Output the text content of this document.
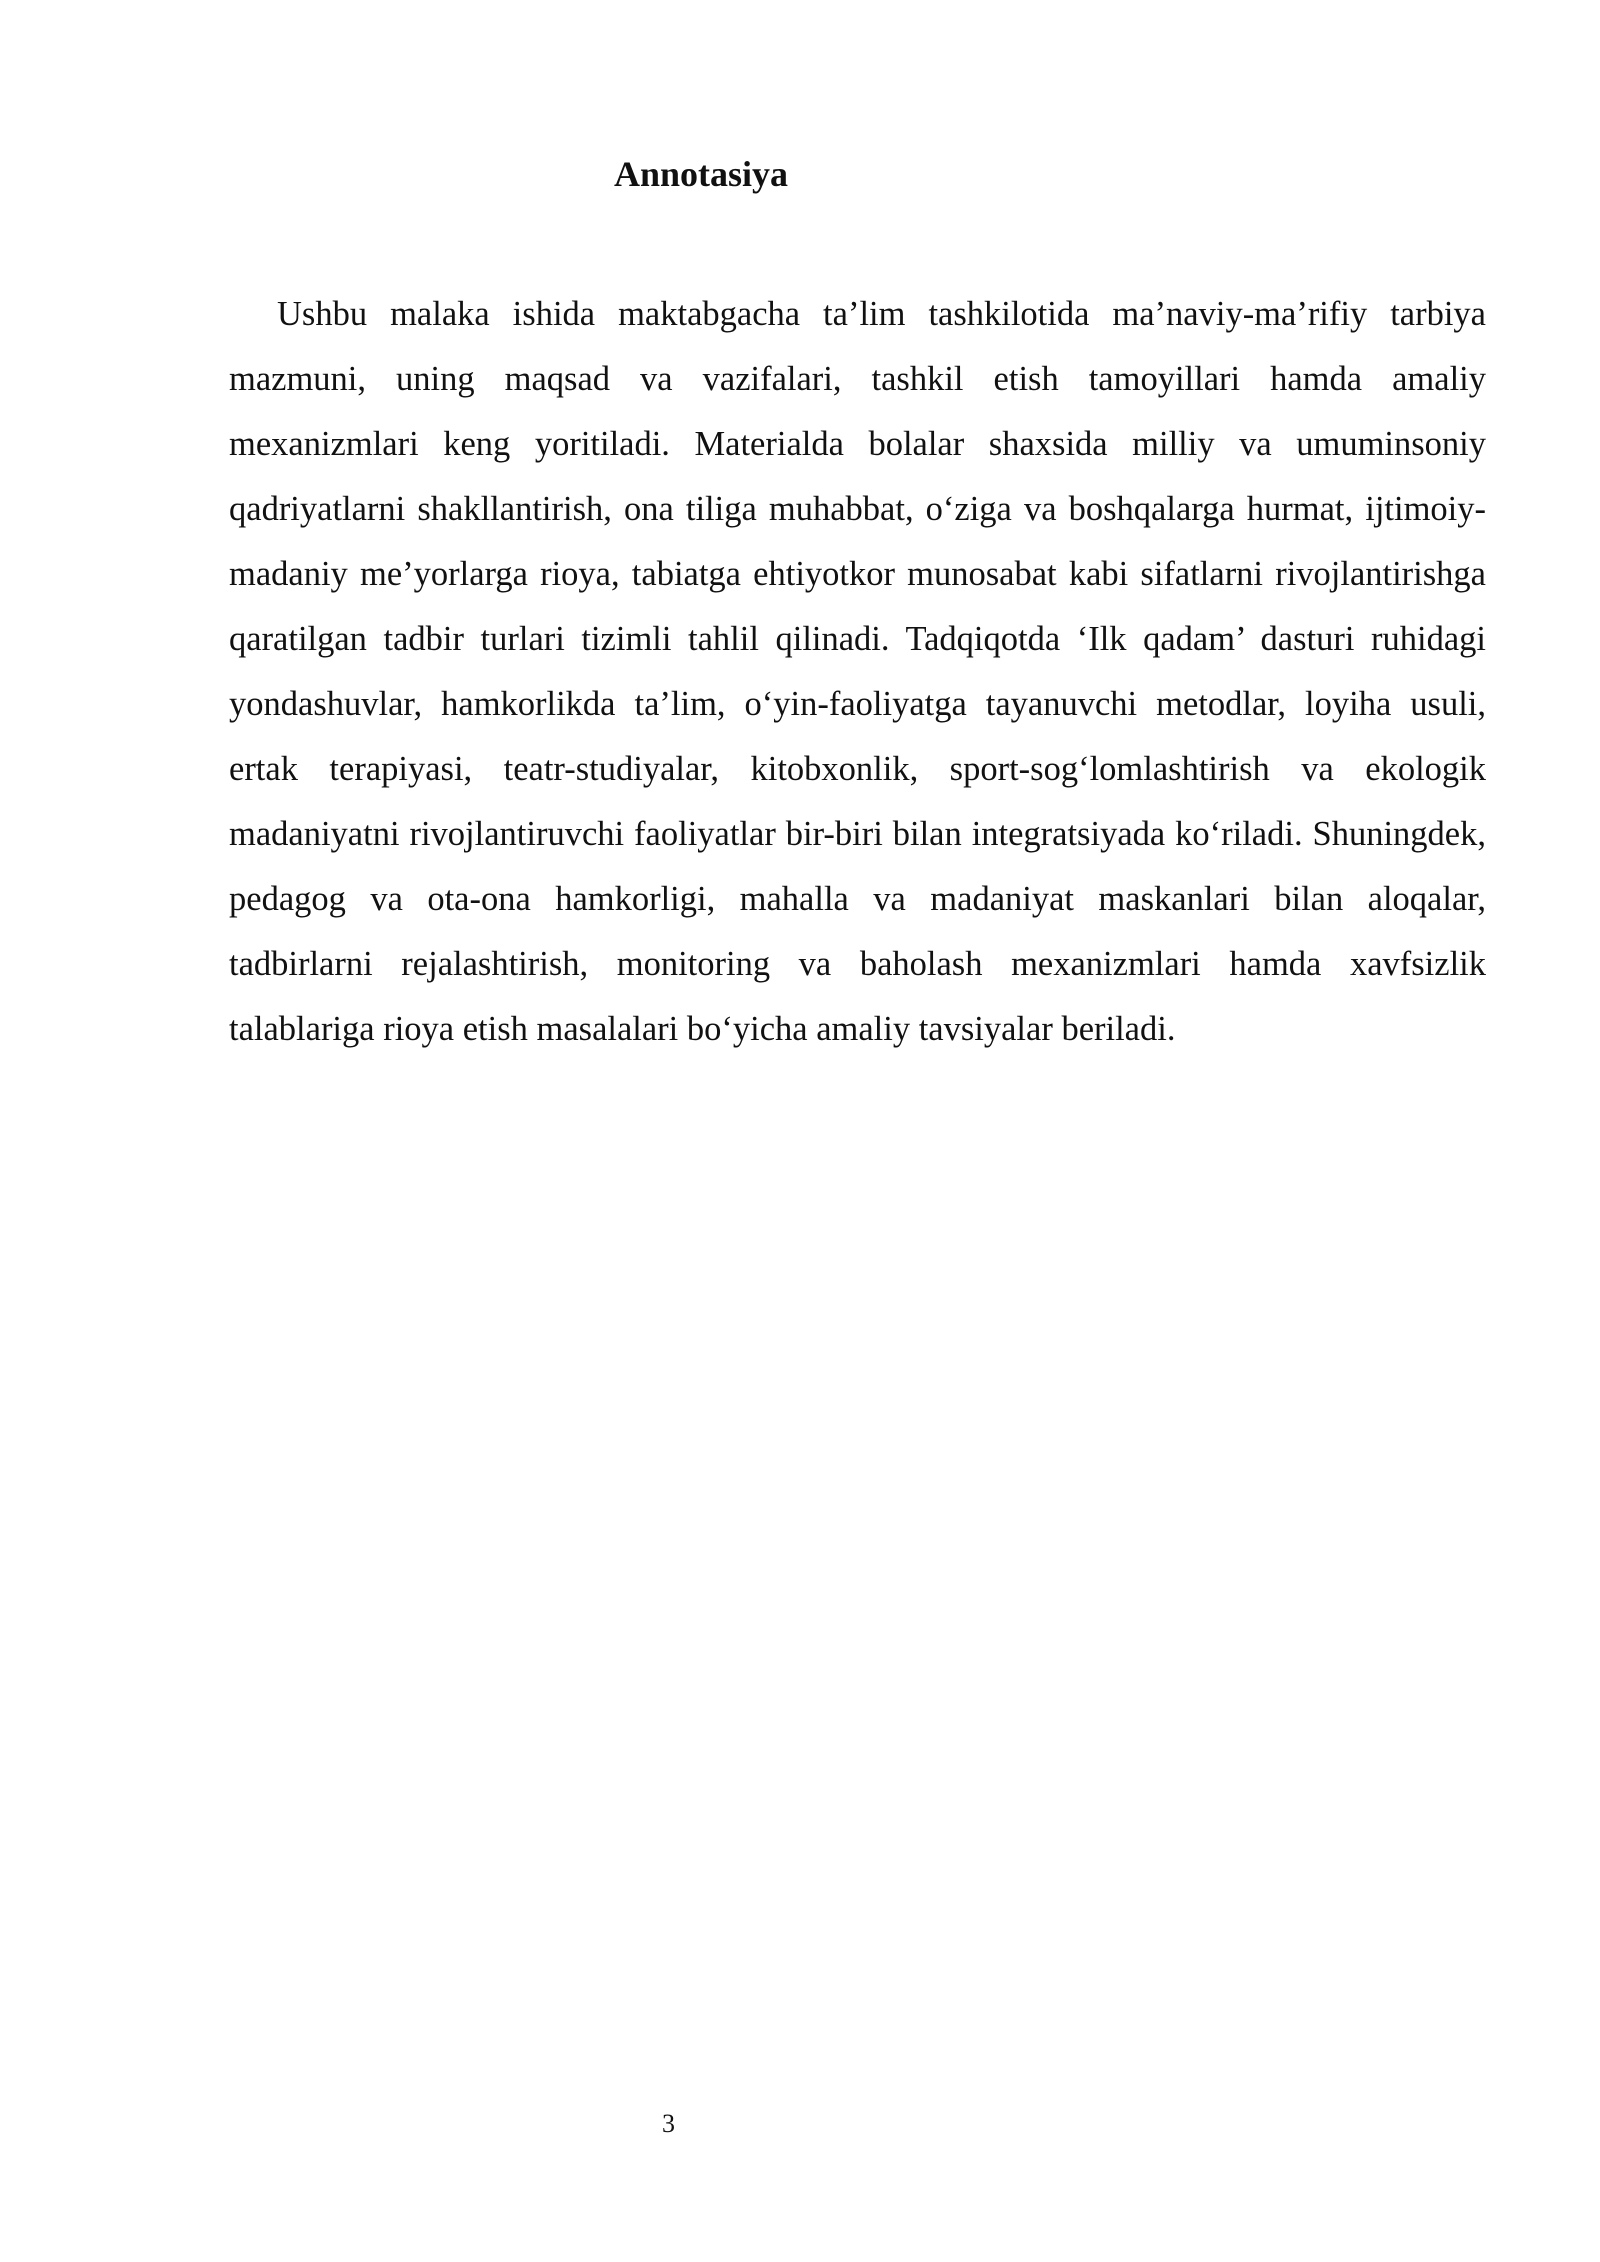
Annotasiya

Ushbu malaka ishida maktabgacha ta’lim tashkilotida ma’naviy-ma’rifiy tarbiya mazmuni, uning maqsad va vazifalari, tashkil etish tamoyillari hamda amaliy mexanizmlari keng yoritiladi. Materialda bolalar shaxsida milliy va umuminsoniy qadriyatlarni shakllantirish, ona tiliga muhabbat, o‘ziga va boshqalarga hurmat, ijtimoiy-madaniy me’yorlarga rioya, tabiatga ehtiyotkor munosabat kabi sifatlarni rivojlantirishga qaratilgan tadbir turlari tizimli tahlil qilinadi. Tadqiqotda ‘Ilk qadam’ dasturi ruhidagi yondashuvlar, hamkorlikda ta’lim, o‘yin-faoliyatga tayanuvchi metodlar, loyiha usuli, ertak terapiyasi, teatr-studiyalar, kitobxonlik, sport-sog‘lomlashtirish va ekologik madaniyatni rivojlantiruvchi faoliyatlar bir-biri bilan integratsiyada ko‘riladi. Shuningdek, pedagog va ota-ona hamkorligi, mahalla va madaniyat maskanlari bilan aloqalar, tadbirlarni rejalashtirish, monitoring va baholash mexanizmlari hamda xavfsizlik talablariga rioya etish masalalari bo‘yicha amaliy tavsiyalar beriladi.

3
